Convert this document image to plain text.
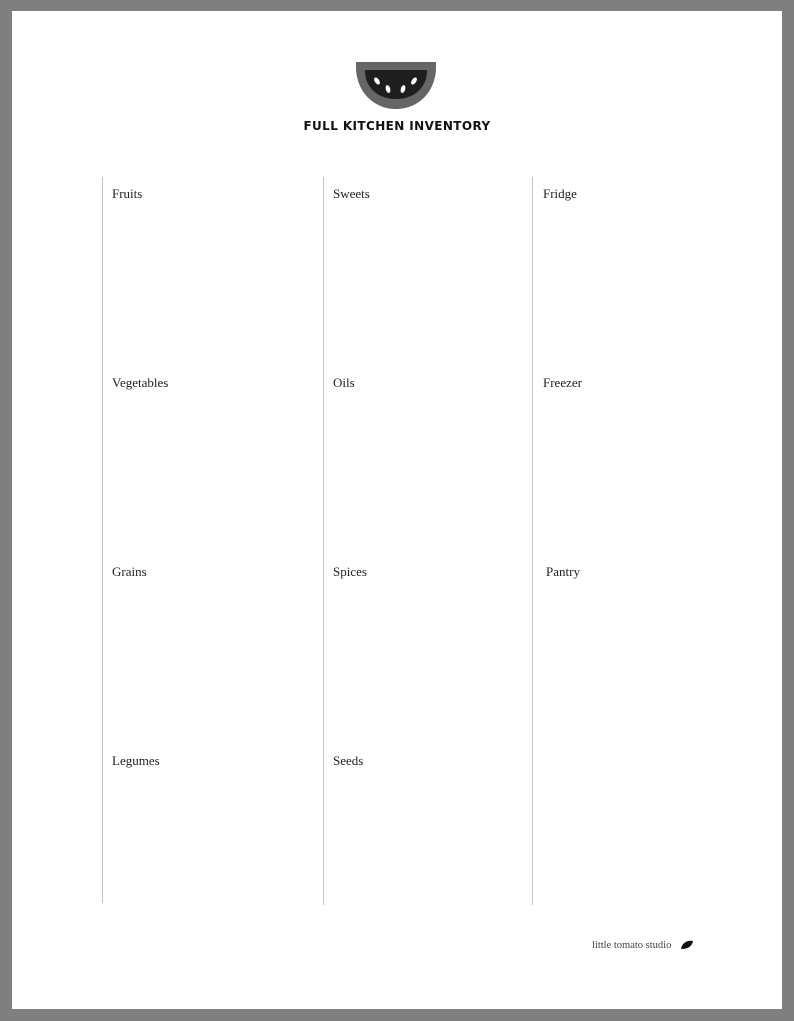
FULL KITCHEN INVENTORY
Fruits
Vegetables
Grains
Legumes
Sweets
Oils
Spices
Seeds
Fridge
Freezer
Pantry
little tomato studio
